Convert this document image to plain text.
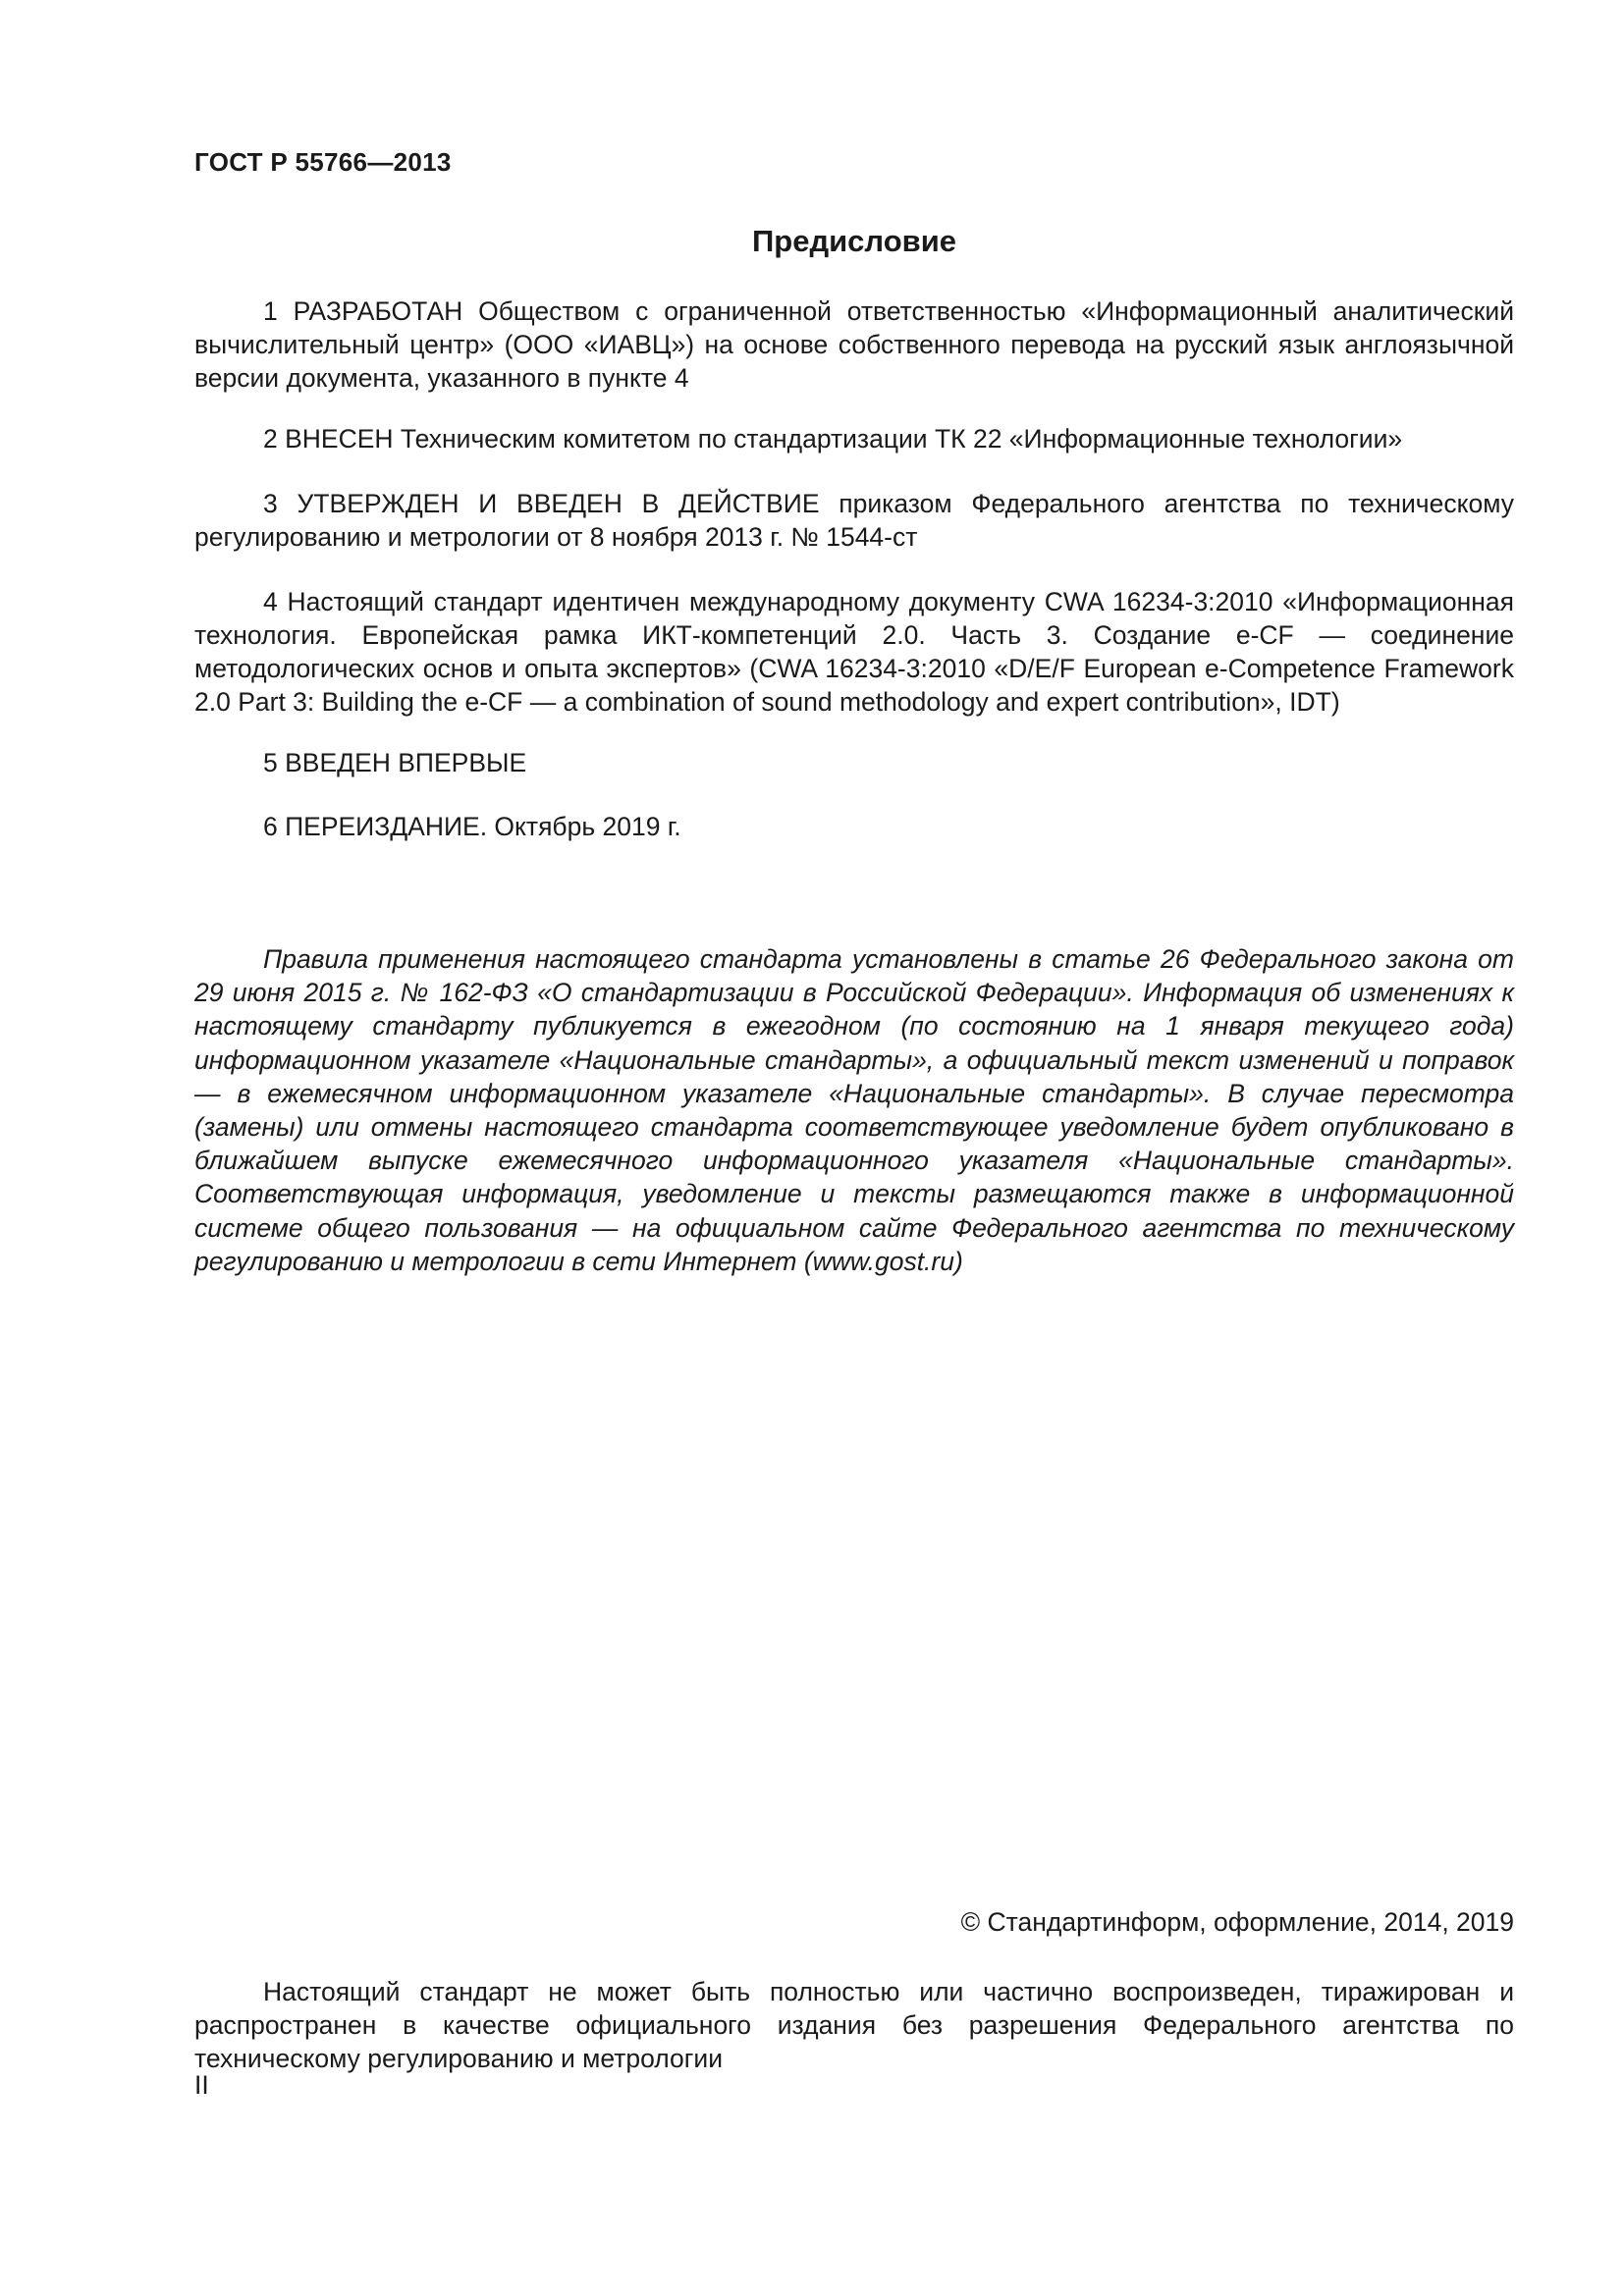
ГОСТ Р 55766—2013
Предисловие

1 РАЗРАБОТАН Обществом с ограниченной ответственностью «Информационный аналитический вычислительный центр» (ООО «ИАВЦ») на основе собственного перевода на русский язык англоязычной версии документа, указанного в пункте 4

2 ВНЕСЕН Техническим комитетом по стандартизации ТК 22 «Информационные технологии»

3 УТВЕРЖДЕН И ВВЕДЕН В ДЕЙСТВИЕ приказом Федерального агентства по техническому регулированию и метрологии от 8 ноября 2013 г. № 1544-ст

4 Настоящий стандарт идентичен международному документу CWA 16234-3:2010 «Информационная технология. Европейская рамка ИКТ-компетенций 2.0. Часть 3. Создание е-CF — соединение методологических основ и опыта экспертов» (CWA 16234-3:2010 «D/E/F European e-Competence Framework 2.0 Part 3: Building the e-CF — a combination of sound methodology and expert contribution», IDT)

5 ВВЕДЕН ВПЕРВЫЕ

6 ПЕРЕИЗДАНИЕ. Октябрь 2019 г.

Правила применения настоящего стандарта установлены в статье 26 Федерального закона от 29 июня 2015 г. № 162-ФЗ «О стандартизации в Российской Федерации». Информация об изменениях к настоящему стандарту публикуется в ежегодном (по состоянию на 1 января текущего года) информационном указателе «Национальные стандарты», а официальный текст изменений и поправок — в ежемесячном информационном указателе «Национальные стандарты». В случае пересмотра (замены) или отмены настоящего стандарта соответствующее уведомление будет опубликовано в ближайшем выпуске ежемесячного информационного указателя «Национальные стандарты». Соответствующая информация, уведомление и тексты размещаются также в информационной системе общего пользования — на официальном сайте Федерального агентства по техническому регулированию и метрологии в сети Интернет (www.gost.ru)

© Стандартинформ, оформление, 2014, 2019

Настоящий стандарт не может быть полностью или частично воспроизведен, тиражирован и распространен в качестве официального издания без разрешения Федерального агентства по техническому регулированию и метрологии

II
